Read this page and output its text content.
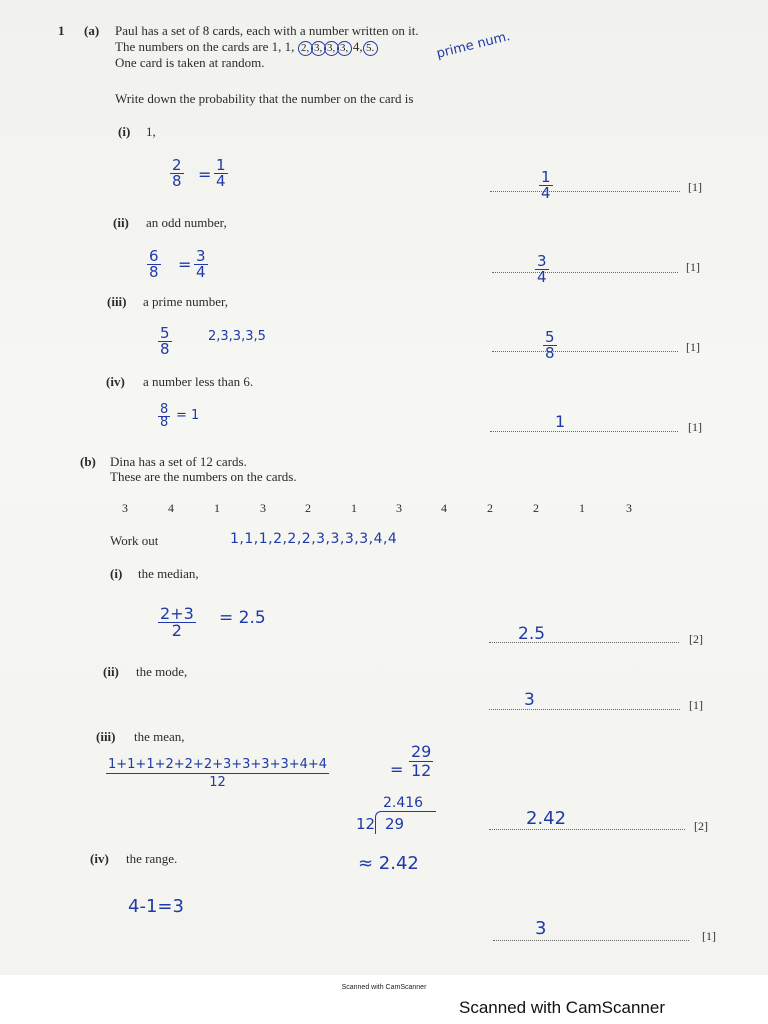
1 (a) Paul has a set of 8 cards, each with a number written on it.
The numbers on the cards are 1, 1, 2, 3, 3, 3, 4, 5.
One card is taken at random.
prime num.
Write down the probability that the number on the card is
(i) 1,
$\frac{2}{8} = \frac{1}{4}$	$\frac{1}{4}$	[1]
(ii) an odd number,
$\frac{6}{8} = \frac{3}{4}$	$\frac{3}{4}$	[1]
(iii) a prime number,
$\frac{5}{8}$	2,3,3,3,5	$\frac{5}{8}$	[1]
(iv) a number less than 6.
$\frac{8}{8} = 1$	1	[1]
(b) Dina has a set of 12 cards.
These are the numbers on the cards.
3	4	1	3	2	1	3	4	2	2	1	3
Work out	1,1,1,2,2,2,3,3,3,3,4,4
(i) the median,
$\frac{2+3}{2} = 2.5$
2.5	[2]
(ii) the mode,
3	[1]
(iii) the mean,
$\frac{1+1+1+2+2+2+3+3+3+3+4+4}{12}$	= $\frac{29}{12}$
2.416
12 29
≈ 2.42
2.42	[2]
(iv) the range.
4-1=3
3	[1]
Scanned with CamScanner
Scanned with CamScanner
